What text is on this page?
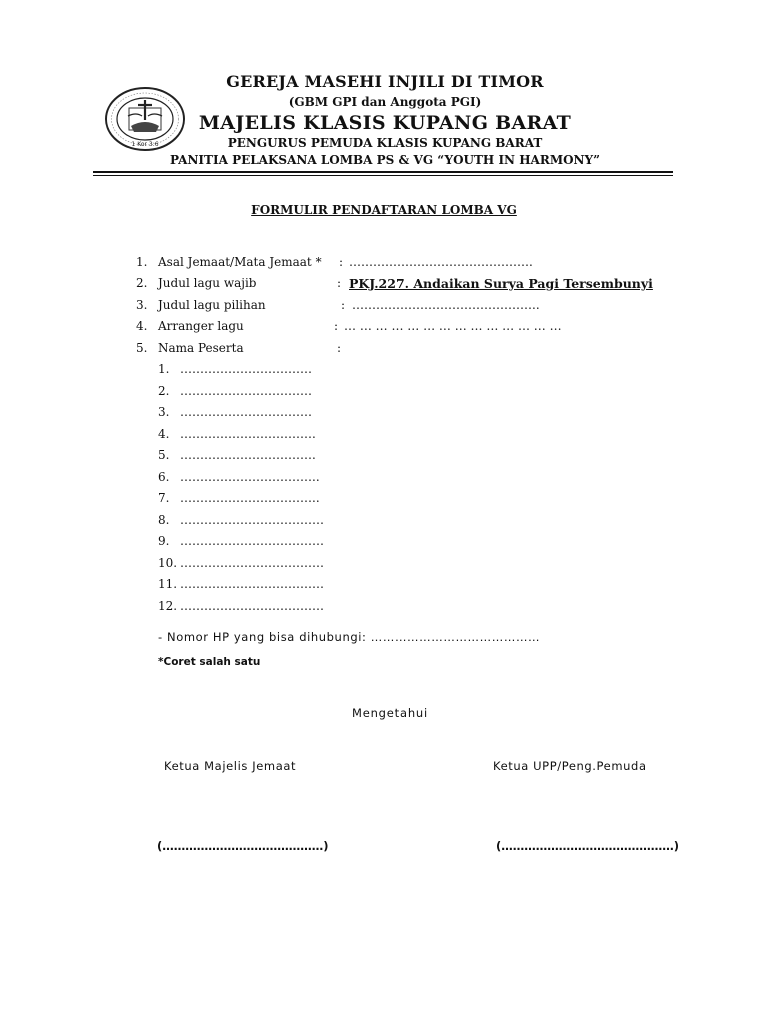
1 Kor 3:6
GEREJA MASEHI INJILI DI TIMOR
(GBM GPI dan Anggota PGI)
MAJELIS KLASIS KUPANG BARAT
PENGURUS PEMUDA KLASIS KUPANG BARAT
PANITIA PELAKSANA LOMBA PS & VG “YOUTH IN HARMONY”
FORMULIR PENDAFTARAN LOMBA VG
1. Asal Jemaat/Mata Jemaat * : ……………………………………….
2. Judul lagu wajib	: PKJ.227. Andaikan Surya Pagi Tersembunyi
3. Judul lagu pilihan	: ………………………………………..
4. Arranger lagu	: … … … … … … … … … … … … … …
5. Nama Peserta	:
1. ……………………………
2. ……………………………
3. ……………………………
4. …………………………….
5. …………………………….
6. ……………………………..
7. ……………………………..
8. ………………………………
9. ………………………………
10. ………………………………
11. ………………………………
12. ………………………………
- Nomor HP yang bisa dihubungi: ……………………………………
*Coret salah satu
Mengetahui
Ketua Majelis Jemaat	Ketua UPP/Peng.Pemuda
(……………………………………)	(………………………………………)
